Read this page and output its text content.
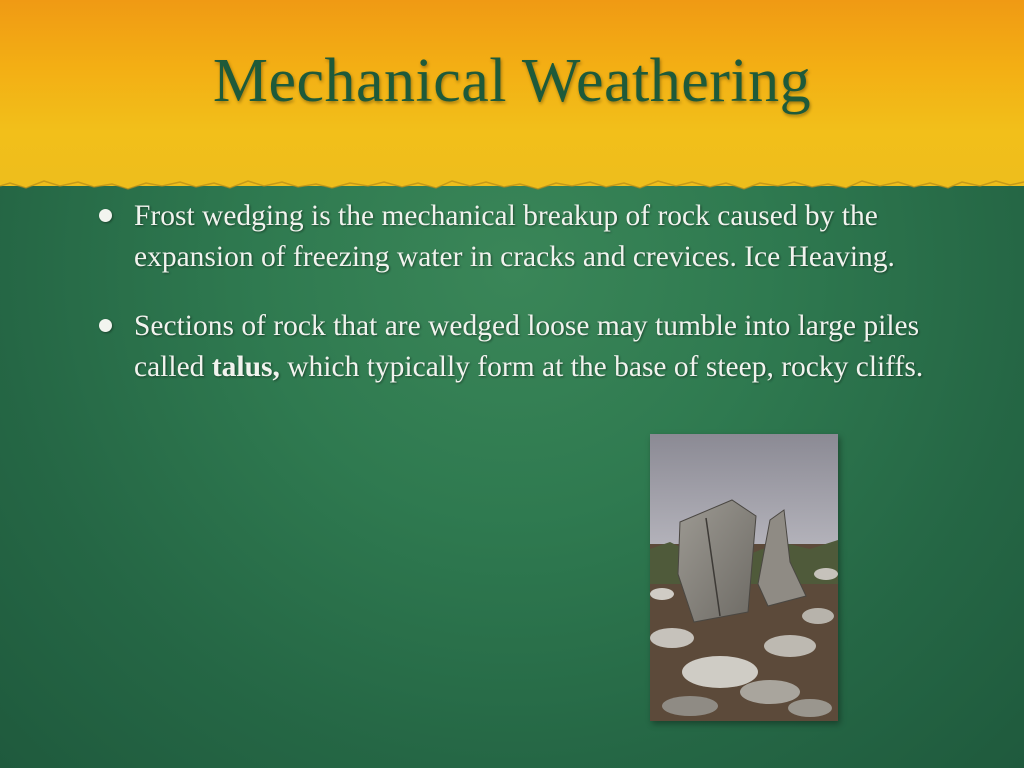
Mechanical Weathering
Frost wedging is the mechanical breakup of rock caused by the expansion of freezing water in cracks and crevices. Ice Heaving.
Sections of rock that are wedged loose may tumble into large piles called talus, which typically form at the base of steep, rocky cliffs.
